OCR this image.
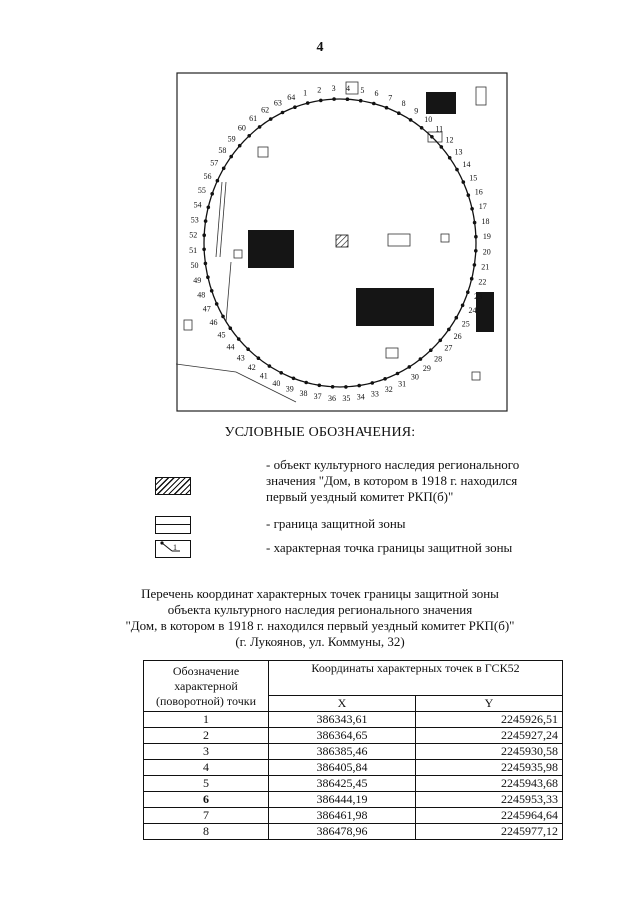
4
1 2 3 4 5 6 7
8
9
10
11
12
13
14
15
16
17
18
19
20
21
22
23
24
25
26
27
28
29
30
31
32
33
34
35
36
37
38
39
40
41
42
43
44
45
46
47
48
49
50
51
52
53
54
55
56
57
58
59
60
61
62
63
64
УСЛОВНЫЕ ОБОЗНАЧЕНИЯ:
- объект культурного наследия регионального значения "Дом, в котором в 1918 г. находился первый уездный комитет РКП(б)"
- граница защитной зоны
1	- характерная точка границы защитной зоны
Перечень координат характерных точек границы защитной зоны
объекта культурного наследия регионального значения
"Дом, в котором в 1918 г. находился первый уездный комитет РКП(б)"
(г. Лукоянов, ул. Коммуны, 32)
Обозначение характерной (поворотной) точки	Координаты характерных точек в ГСК52	
	X	Y
1	386343,61	2245926,51
2	386364,65	2245927,24
3	386385,46	2245930,58
4	386405,84	2245935,98
5	386425,45	2245943,68
6	386444,19	2245953,33
7	386461,98	2245964,64
8	386478,96	2245977,12
